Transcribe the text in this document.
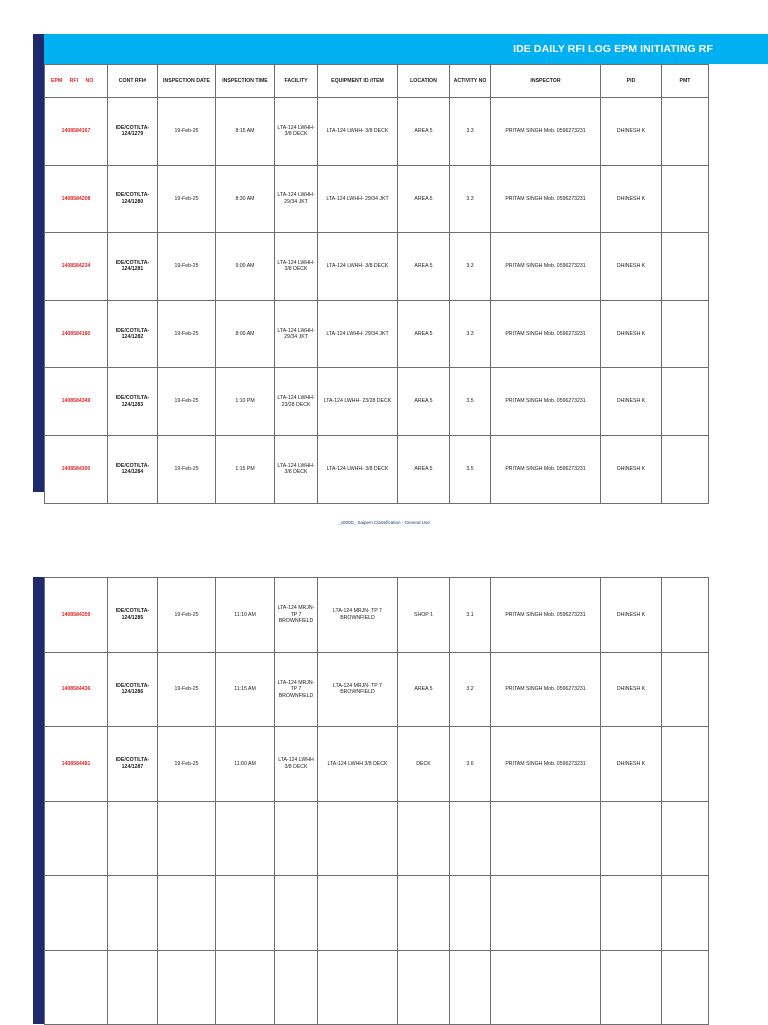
IDE DAILY RFI LOG EPM INITIATING RF
EPM RFI NO	CONT RFI#	INSPECTION DATE	INSPECTION TIME	FACILITY	EQUIPMENT ID /ITEM	LOCATION	ACTIVITY NO	INSPECTOR	PID	PMT
1408584167	IDE/COT/LTA-124/1279	19-Feb-25	8:15 AM	LTA-124 LWHH- 3/8 DECK	LTA-124 LWHH- 3/8 DECK	AREA 5	3.3	PRITAM SINGH Mob. 0596273231	DHINESH K	
1408584208	IDE/COT/LTA-124/1280	19-Feb-25	8:30 AM	LTA-124 LWHH- 29/34 JKT	LTA-124 LWHH- 29/34 JKT	AREA 5	3.3	PRITAM SINGH Mob. 0596273231	DHINESH K	
1408584234	IDE/COT/LTA-124/1281	19-Feb-25	9:00 AM	LTA-124 LWHH- 3/8 DECK	LTA-124 LWHH- 3/8 DECK	AREA 5	3.3	PRITAM SINGH Mob. 0596273231	DHINESH K	
1408584180	IDE/COT/LTA-124/1282	19-Feb-25	8:00 AM	LTA-124 LWHH- 29/34 JKT	LTA-124 LWHH- 29/34 JKT	AREA 5	3.3	PRITAM SINGH Mob. 0596273231	DHINESH K	
1408584349	IDE/COT/LTA-124/1283	19-Feb-25	1:10 PM	LTA-124 LWHH- 23/28 DECK	LTA-124 LWHH- 23/28 DECK	AREA 5	3.5	PRITAM SINGH Mob. 0596273231	DHINESH K	
1408584300	IDE/COT/LTA-124/1284	19-Feb-25	1:15 PM	LTA-124 LWHH- 3/8 DECK	LTA-124 LWHH- 3/8 DECK	AREA 5	3.5	PRITAM SINGH Mob. 0596273231	DHINESH K	
_x000D_ Saipem Classification - General Use
1408584359	IDE/COT/LTA-124/1285	19-Feb-25	11:10 AM	LTA-124 MRJN- TP 7 BROWNFIELD	LTA-124 MRJN- TP 7 BROWNFIELD	SHOP 1	3.1	PRITAM SINGH Mob. 0596273231	DHINESH K	
1408584436	IDE/COT/LTA-124/1286	19-Feb-25	11:15 AM	LTA-124 MRJN- TP 7 BROWNFIELD	LTA-124 MRJN- TP 7 BROWNFIELD	AREA 5	3.2	PRITAM SINGH Mob. 0596273231	DHINESH K	
1408584481	IDE/COT/LTA-124/1287	19-Feb-25	11:00 AM	LTA-124 LWHH 3/8 DECK	LTA-124 LWHH 3/8 DECK	DECK	3.6	PRITAM SINGH Mob. 0596273231	DHINESH K	
